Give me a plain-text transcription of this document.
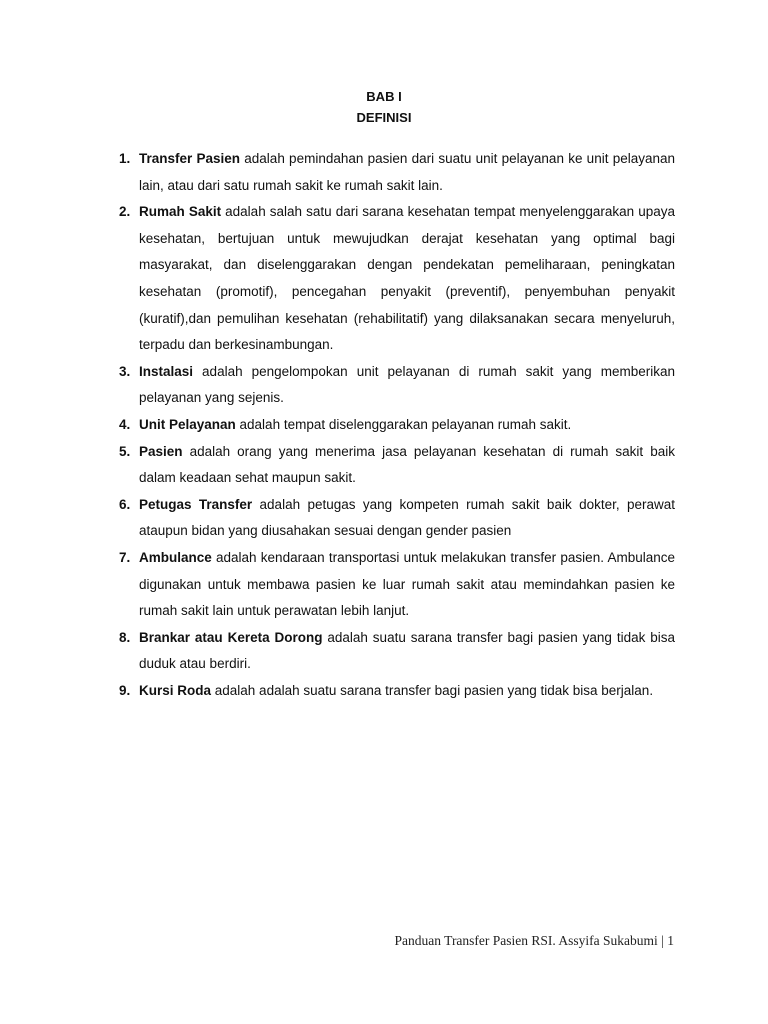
BAB I
DEFINISI
1. Transfer Pasien adalah pemindahan pasien dari suatu unit pelayanan ke unit pelayanan lain, atau dari satu rumah sakit ke rumah sakit lain.
2. Rumah Sakit adalah salah satu dari sarana kesehatan tempat menyelenggarakan upaya kesehatan, bertujuan untuk mewujudkan derajat kesehatan yang optimal bagi masyarakat, dan diselenggarakan dengan pendekatan pemeliharaan, peningkatan kesehatan (promotif), pencegahan penyakit (preventif), penyembuhan penyakit (kuratif),dan pemulihan kesehatan (rehabilitatif) yang dilaksanakan secara menyeluruh, terpadu dan berkesinambungan.
3. Instalasi adalah pengelompokan unit pelayanan di rumah sakit yang memberikan pelayanan yang sejenis.
4. Unit Pelayanan adalah tempat diselenggarakan pelayanan rumah sakit.
5. Pasien adalah orang yang menerima jasa pelayanan kesehatan di rumah sakit baik dalam keadaan sehat maupun sakit.
6. Petugas Transfer adalah petugas yang kompeten rumah sakit baik dokter, perawat ataupun bidan yang diusahakan sesuai dengan gender pasien
7. Ambulance adalah kendaraan transportasi untuk melakukan transfer pasien. Ambulance digunakan untuk membawa pasien ke luar rumah sakit atau memindahkan pasien ke rumah sakit lain untuk perawatan lebih lanjut.
8. Brankar atau Kereta Dorong adalah suatu sarana transfer bagi pasien yang tidak bisa duduk atau berdiri.
9. Kursi Roda adalah adalah suatu sarana transfer bagi pasien yang tidak bisa berjalan.
Panduan Transfer Pasien RSI. Assyifa Sukabumi | 1
